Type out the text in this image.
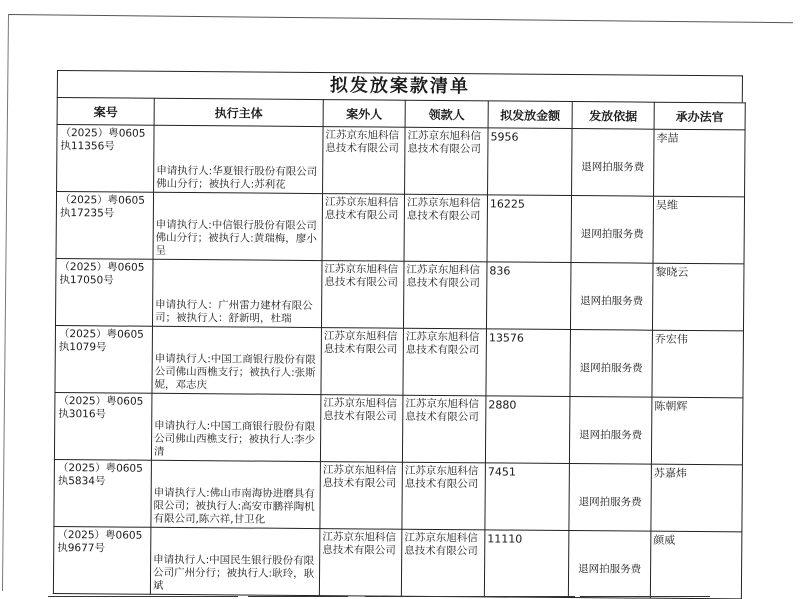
拟发放案款清单
案号	执行主体	案外人	领款人	拟发放金额	发放依据	承办法官
（2025）粤0605执11356号	申请执行人:华夏银行股份有限公司佛山分行；被执行人:苏利花	江苏京东旭科信息技术有限公司	江苏京东旭科信息技术有限公司	5956	退网拍服务费	李喆
（2025）粤0605执17235号	申请执行人:中信银行股份有限公司佛山分行；被执行人:黄瑞梅，廖小呈	江苏京东旭科信息技术有限公司	江苏京东旭科信息技术有限公司	16225	退网拍服务费	吴维
（2025）粤0605执17050号	申请执行人：广州雷力建材有限公司；被执行人：舒新明，杜瑞	江苏京东旭科信息技术有限公司	江苏京东旭科信息技术有限公司	836	退网拍服务费	黎晓云
（2025）粤0605执1079号	申请执行人:中国工商银行股份有限公司佛山西樵支行；被执行人:张斯妮，邓志庆	江苏京东旭科信息技术有限公司	江苏京东旭科信息技术有限公司	13576	退网拍服务费	乔宏伟
（2025）粤0605执3016号	申请执行人:中国工商银行股份有限公司佛山西樵支行；被执行人:李少清	江苏京东旭科信息技术有限公司	江苏京东旭科信息技术有限公司	2880	退网拍服务费	陈朝辉
（2025）粤0605执5834号	申请执行人:佛山市南海协进磨具有限公司；被执行人:高安市鹏祥陶机有限公司,陈六祥,甘卫化	江苏京东旭科信息技术有限公司	江苏京东旭科信息技术有限公司	7451	退网拍服务费	苏嘉炜
（2025）粤0605执9677号	申请执行人:中国民生银行股份有限公司广州分行；被执行人:耿玲，耿斌	江苏京东旭科信息技术有限公司	江苏京东旭科信息技术有限公司	11110	退网拍服务费	颜威
